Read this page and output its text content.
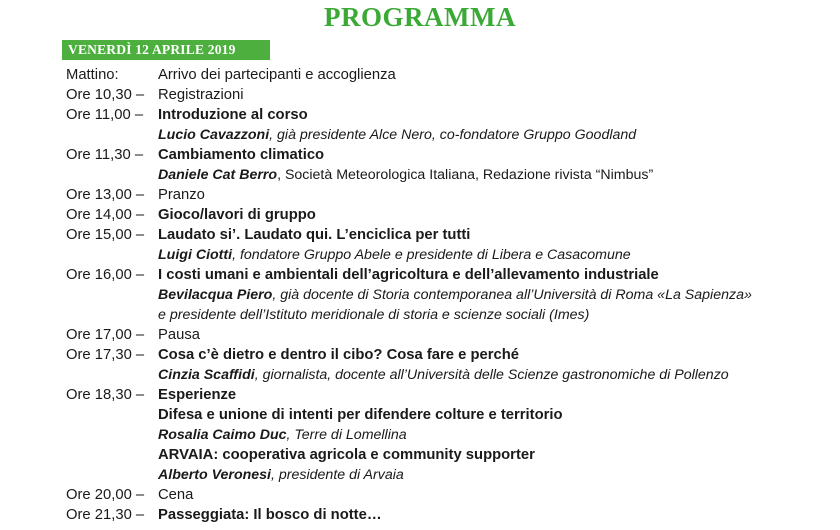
PROGRAMMA
VENERDÌ 12 APRILE 2019
Mattino:	Arrivo dei partecipanti e accoglienza
Ore 10,30 – Registrazioni
Ore 11,00 – Introduzione al corso
Lucio Cavazzoni, già presidente Alce Nero, co-fondatore Gruppo Goodland
Ore 11,30 – Cambiamento climatico
Daniele Cat Berro, Società Meteorologica Italiana, Redazione rivista “Nimbus”
Ore 13,00 – Pranzo
Ore 14,00 – Gioco/lavori di gruppo
Ore 15,00 – Laudato si’. Laudato qui. L’enciclica per tutti
Luigi Ciotti, fondatore Gruppo Abele e presidente di Libera e Casacomune
Ore 16,00 – I costi umani e ambientali dell’agricoltura e dell’allevamento industriale
Bevilacqua Piero, già docente di Storia contemporanea all’Università di Roma «La Sapienza»
e presidente dell’Istituto meridionale di storia e scienze sociali (Imes)
Ore 17,00 – Pausa
Ore 17,30 – Cosa c’è dietro e dentro il cibo? Cosa fare e perché
Cinzia Scaffidi, giornalista, docente all’Università delle Scienze gastronomiche di Pollenzo
Ore 18,30 – Esperienze
Difesa e unione di intenti per difendere colture e territorio
Rosalia Caimo Duc, Terre di Lomellina
ARVAIA: cooperativa agricola e community supporter
Alberto Veronesi, presidente di Arvaia
Ore 20,00 – Cena
Ore 21,30 – Passeggiata: Il bosco di notte…
